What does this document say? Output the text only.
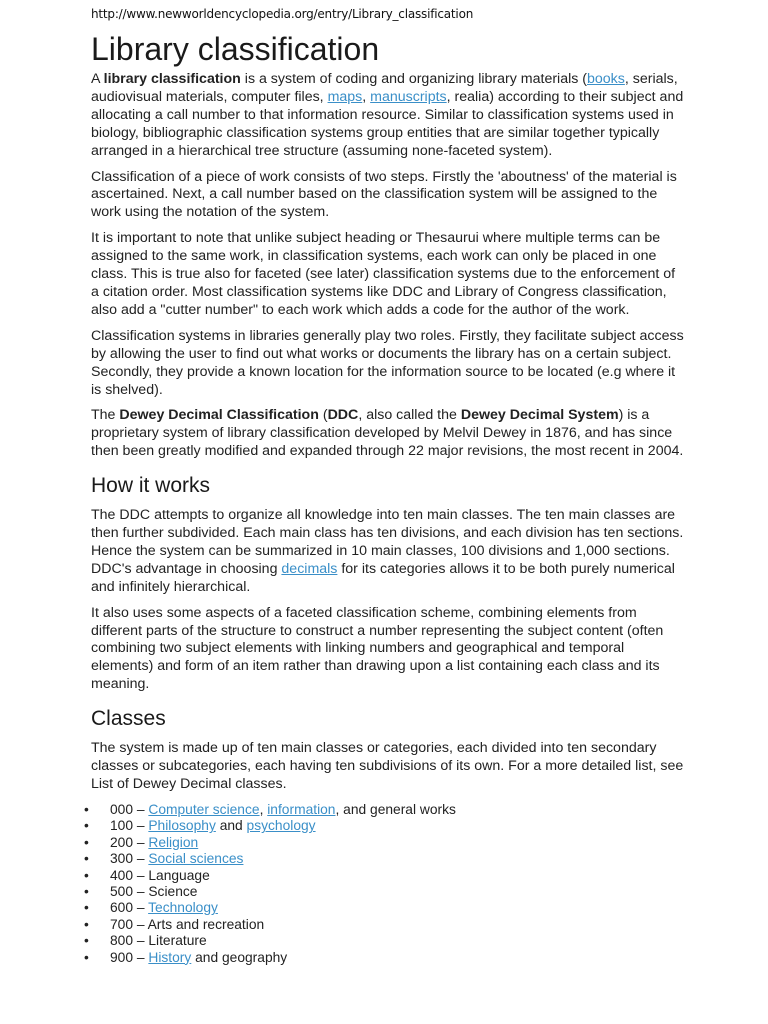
http://www.newworldencyclopedia.org/entry/Library_classification
Library classification

A library classification is a system of coding and organizing library materials (books, serials, audiovisual materials, computer files, maps, manuscripts, realia) according to their subject and allocating a call number to that information resource. Similar to classification systems used in biology, bibliographic classification systems group entities that are similar together typically arranged in a hierarchical tree structure (assuming none-faceted system).

Classification of a piece of work consists of two steps. Firstly the 'aboutness' of the material is ascertained. Next, a call number based on the classification system will be assigned to the work using the notation of the system.

It is important to note that unlike subject heading or Thesaurui where multiple terms can be assigned to the same work, in classification systems, each work can only be placed in one class. This is true also for faceted (see later) classification systems due to the enforcement of a citation order. Most classification systems like DDC and Library of Congress classification, also add a "cutter number" to each work which adds a code for the author of the work.

Classification systems in libraries generally play two roles. Firstly, they facilitate subject access by allowing the user to find out what works or documents the library has on a certain subject. Secondly, they provide a known location for the information source to be located (e.g where it is shelved).

The Dewey Decimal Classification (DDC, also called the Dewey Decimal System) is a proprietary system of library classification developed by Melvil Dewey in 1876, and has since then been greatly modified and expanded through 22 major revisions, the most recent in 2004.

How it works

The DDC attempts to organize all knowledge into ten main classes. The ten main classes are then further subdivided. Each main class has ten divisions, and each division has ten sections. Hence the system can be summarized in 10 main classes, 100 divisions and 1,000 sections. DDC's advantage in choosing decimals for its categories allows it to be both purely numerical and infinitely hierarchical.

It also uses some aspects of a faceted classification scheme, combining elements from different parts of the structure to construct a number representing the subject content (often combining two subject elements with linking numbers and geographical and temporal elements) and form of an item rather than drawing upon a list containing each class and its meaning.

Classes

The system is made up of ten main classes or categories, each divided into ten secondary classes or subcategories, each having ten subdivisions of its own. For a more detailed list, see List of Dewey Decimal classes.

• 000 – Computer science, information, and general works
• 100 – Philosophy and psychology
• 200 – Religion
• 300 – Social sciences
• 400 – Language
• 500 – Science
• 600 – Technology
• 700 – Arts and recreation
• 800 – Literature
• 900 – History and geography
